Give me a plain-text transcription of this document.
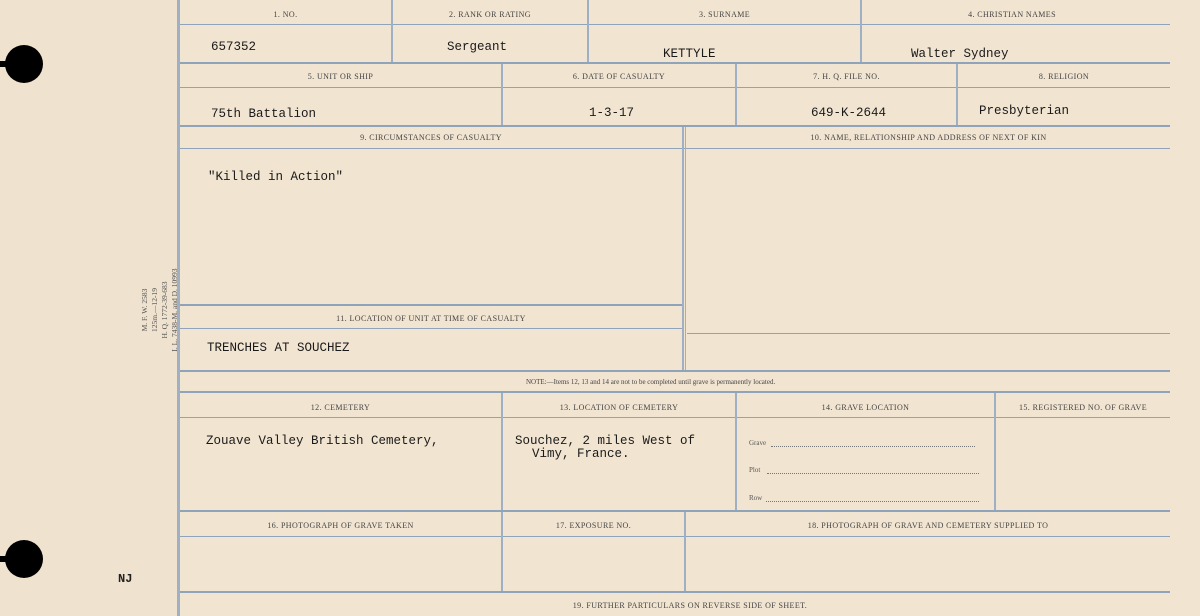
M. F. W. 2583 125m.—12-19 H. Q. 1772-39-683 I. L. 7438-M. and D. 10993
NJ
1. NO.	2. RANK OR RATING	3. SURNAME	4. CHRISTIAN NAMES
657352	Sergeant	KETTYLE	Walter Sydney
5. UNIT OR SHIP	6. DATE OF CASUALTY	7. H. Q. FILE NO.	8. RELIGION
75th Battalion	1-3-17	649-K-2644	Presbyterian
9. CIRCUMSTANCES OF CASUALTY	10. NAME, RELATIONSHIP AND ADDRESS OF NEXT OF KIN
"Killed in Action"
11. LOCATION OF UNIT AT TIME OF CASUALTY
TRENCHES AT SOUCHEZ
NOTE:—Items 12, 13 and 14 are not to be completed until grave is permanently located.
12. CEMETERY	13. LOCATION OF CEMETERY	14. GRAVE LOCATION	15. REGISTERED NO. OF GRAVE
Zouave Valley British Cemetery,	Souchez, 2 miles West of
Vimy, France.
Grave
Plot
Row
16. PHOTOGRAPH OF GRAVE TAKEN	17. EXPOSURE NO.	18. PHOTOGRAPH OF GRAVE AND CEMETERY SUPPLIED TO
19. FURTHER PARTICULARS ON REVERSE SIDE OF SHEET.
